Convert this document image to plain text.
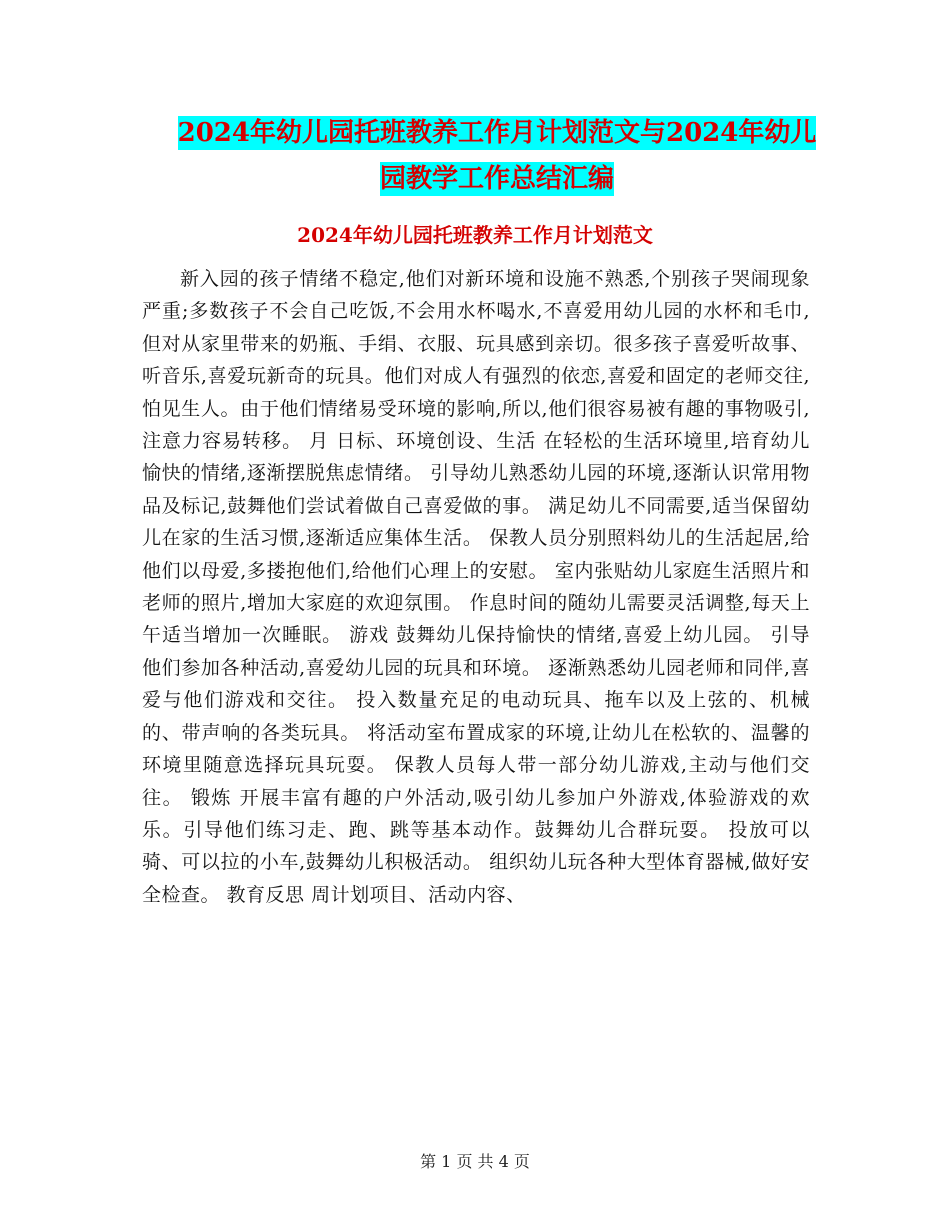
2024年幼儿园托班教养工作月计划范文与2024年幼儿
园教学工作总结汇编
2024年幼儿园托班教养工作月计划范文

新入园的孩子情绪不稳定,他们对新环境和设施不熟悉,个别孩子哭闹现象严重;多数孩子不会自己吃饭,不会用水杯喝水,不喜爱用幼儿园的水杯和毛巾,但对从家里带来的奶瓶、手绢、衣服、玩具感到亲切。很多孩子喜爱听故事、听音乐,喜爱玩新奇的玩具。他们对成人有强烈的依恋,喜爱和固定的老师交往,怕见生人。由于他们情绪易受环境的影响,所以,他们很容易被有趣的事物吸引,注意力容易转移。 月 日标、环境创设、生活 在轻松的生活环境里,培育幼儿愉快的情绪,逐渐摆脱焦虑情绪。 引导幼儿熟悉幼儿园的环境,逐渐认识常用物品及标记,鼓舞他们尝试着做自己喜爱做的事。 满足幼儿不同需要,适当保留幼儿在家的生活习惯,逐渐适应集体生活。 保教人员分别照料幼儿的生活起居,给他们以母爱,多搂抱他们,给他们心理上的安慰。 室内张贴幼儿家庭生活照片和老师的照片,增加大家庭的欢迎氛围。 作息时间的随幼儿需要灵活调整,每天上午适当增加一次睡眠。 游戏 鼓舞幼儿保持愉快的情绪,喜爱上幼儿园。 引导他们参加各种活动,喜爱幼儿园的玩具和环境。 逐渐熟悉幼儿园老师和同伴,喜爱与他们游戏和交往。 投入数量充足的电动玩具、拖车以及上弦的、机械的、带声响的各类玩具。 将活动室布置成家的环境,让幼儿在松软的、温馨的环境里随意选择玩具玩耍。 保教人员每人带一部分幼儿游戏,主动与他们交往。 锻炼 开展丰富有趣的户外活动,吸引幼儿参加户外游戏,体验游戏的欢乐。引导他们练习走、跑、跳等基本动作。鼓舞幼儿合群玩耍。 投放可以骑、可以拉的小车,鼓舞幼儿积极活动。 组织幼儿玩各种大型体育器械,做好安全检查。 教育反思 周计划项目、活动内容、

第 1 页 共 4 页
